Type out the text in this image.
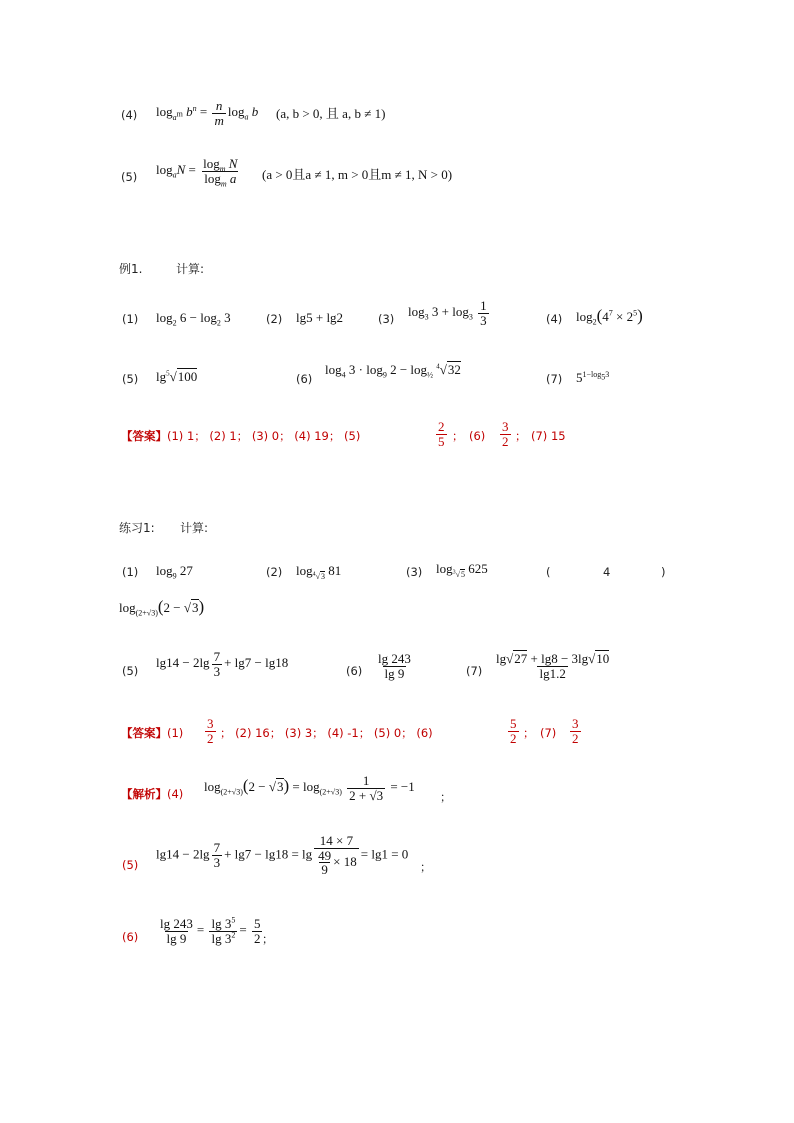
(4) $\log_{a^m} b^n = \frac{n}{m} \log_a b$ (a, b > 0, 且 a, b ≠ 1)
(5) $\log_aN = \frac{\log_m N}{\log_m a} (a > 0$且a ≠ 1, m > 0且m ≠ 1, N > 0)
例1.	计算:
(1) $\log_2 6 - \log_2 3$	(2) lg5 + lg2	(3) $\log_3 3 + \log_3 \frac{1}{3}$	(4) $\log_2(4^7 \times 2^5)$
(5) $\lg^5√100$	(6)
$\log_4 3 \cdot \log_9 2 - \log_{\frac{1}{2}} ^4√32$
(7) $5^{1-log_53}$
【答案】(1) 1； (2) 1； (3) 0； (4) 19； (5)	$\frac{2}{5}$ ； $(6) \frac{3}{2}$ ； (7) 15
练习1: 计算:
(1) $\log_9 27$	(2) $\log_{^4√3} 81$	(3) $\log_{^3√5} 625$	(	4	)
$\log_{(2+√3)}(2 - √3)$
(5)
$\lg 14 - 2\lg \frac{7}{3} + \lg 7 - \lg 18$
$(6) \frac{\lg 243}{\lg 9}$	$(7) \frac{\lg√27 + \lg 8 - 3\lg√10}{\lg 1.2}$
【答案】$(1) \frac{3}{2}$ ； (2) 16； (3) 3； (4) -1； (5) 0； (6)	$\frac{5}{2}$ ； $(7) \frac{3}{2}$
【解析】(4) $\log_{(2+√3)}(2 - √3) = \log_{(2+√3)} \frac{1}{2 + √3} = -1$
；
(5)
$\lg 14 - 2\lg \frac{7}{3} + \lg 7 - \lg 18 = \lg \frac{14 \times 7}{\frac{49}{9} \times 18} = \lg 1 = 0$
；
$(6) \frac{\lg 243}{\lg 9} = \frac{\lg 3^5}{\lg 3^2} = \frac{5}{2}$ ；
